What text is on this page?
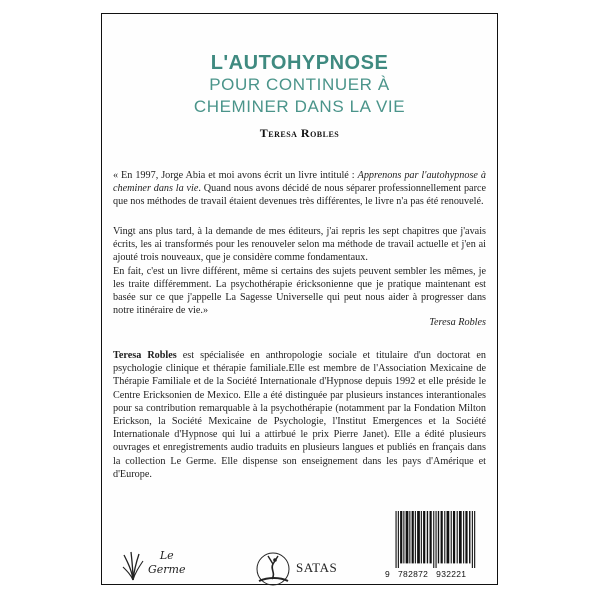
L'AUTOHYPNOSE
POUR CONTINUER À
CHEMINER DANS LA VIE
Teresa Robles
« En 1997, Jorge Abia et moi avons écrit un livre intitulé : Apprenons par l'autohypnose à cheminer dans la vie. Quand nous avons décidé de nous séparer professionnellement parce que nos méthodes de travail étaient devenues très différentes, le livre n'a pas été renouvelé.
Vingt ans plus tard, à la demande de mes éditeurs, j'ai repris les sept chapitres que j'avais écrits, les ai transformés pour les renouveler selon ma méthode de travail actuelle et j'en ai ajouté trois nouveaux, que je considère comme fondamentaux.
En fait, c'est un livre différent, même si certains des sujets peuvent sembler les mêmes, je les traite différemment. La psychothérapie éricksonienne que je pratique maintenant est basée sur ce que j'appelle La Sagesse Universelle qui peut nous aider à progresser dans notre itinéraire de vie.»
Teresa Robles
Teresa Robles est spécialisée en anthropologie sociale et titulaire d'un doctorat en psychologie clinique et thérapie familiale.Elle est membre de l'Association Mexicaine de Thérapie Familiale et de la Société Internationale d'Hypnose depuis 1992 et elle préside le Centre Ericksonien de Mexico. Elle a été distinguée par plusieurs instances interantionales pour sa contribution remarquable à la psychothérapie (notamment par la Fondation Milton Erickson, la Société Mexicaine de Psychologie, l'Institut Emergences et la Société Internationale d'Hypnose qui lui a attirbué le prix Pierre Janet). Elle a édité plusieurs ouvrages et enregistrements audio traduits en plusieurs langues et publiés en français dans la collection Le Germe. Elle dispense son enseignement dans les pays d'Amérique et d'Europe.
Le
Germe	SATAS	9   782872   932221
